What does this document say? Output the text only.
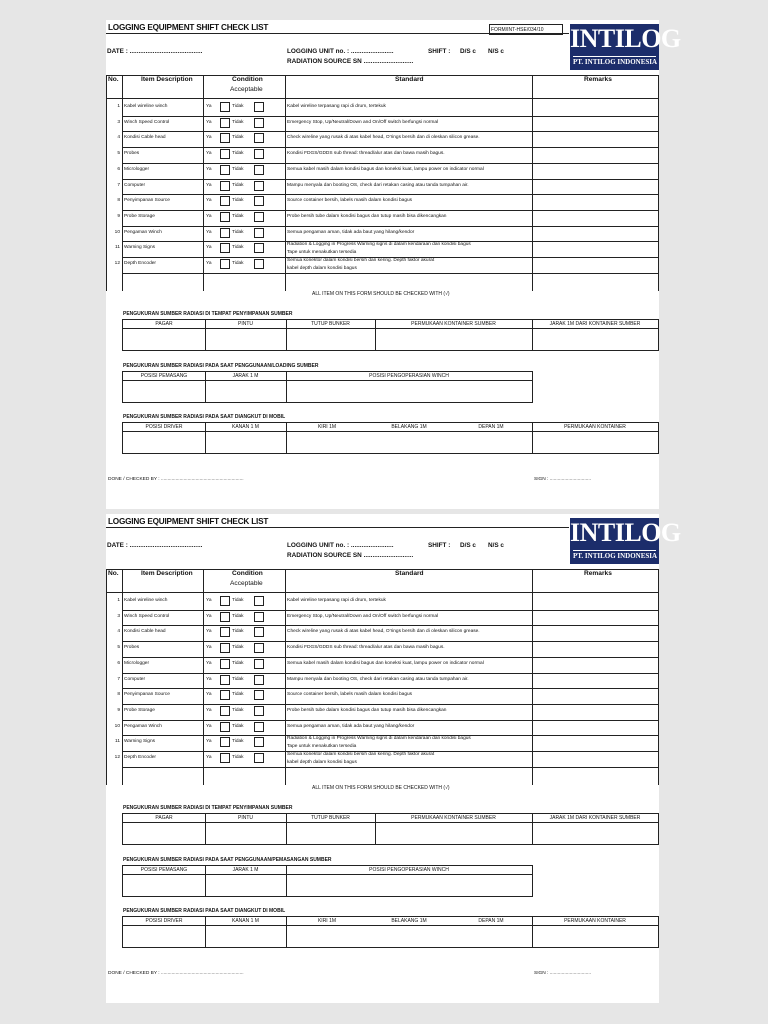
LOGGING EQUIPMENT SHIFT CHECK LIST	FORM/INT-HSE/034/10	INTILOG
PT. INTILOG INDONESIA
DATE : .........................................	LOGGING UNIT no. : ........................
RADIATION SOURCE SN ............................
SHIFT : D/S c N/S c
No.	Item Description	Condition
Acceptable
Standard	Remarks
1 Kabel wireline winch	Ya	Tidak	Kabel wireline terpasang rapi di drum, tertekuk
3 Winch Speed Control	Ya	Tidak	Emergency Stop, Up/Neutral/Down and On/Off switch berfungsi normal
4 Kondisi Cable head	Ya	Tidak	Check wireline yang rusak di atas kabel head, O'rings bersih dan di oleskan silicon grease.
5 Probes	Ya	Tidak	Kondisi FDGS/GDDS sub thread: thread/alur atas dan bawa masih bagus.
6 Micrologger	Ya	Tidak	Semua kabel masih dalam kondisi bagus dan koneksi kuat, lampu power on indicator normal
7 Computer	Ya	Tidak	Mampu menyala dan booting OS, check dari retakan casing atau tanda tumpahan air.
8 Penyimpanan Source	Ya	Tidak	Source container bersih, labels masih dalam kondisi bagus
9 Probe Storage	Ya	Tidak	Probe bersih tube dalam kondisi bagus dan tutup masih bisa dikencangkan
10 Pengaman Winch	Ya	Tidak	Semua pengaman aman, tidak ada baut yang hilang/kendor
11 Warning Signs	Ya	Tidak
Radiation & Logging in Progress Warning signs di dalam kendaraan dan kondisi bagus
Tape untuk menakutkan tersedia
12 Depth Encoder	Ya	Tidak
Semua konektor dalam kondisi bersih dan kering. Depth faktor akurat
kabel depth dalam kondisi bagus
ALL ITEM ON THIS FORM SHOULD BE CHECKED WITH (√)
PENGUKURAN SUMBER RADIASI DI TEMPAT PENYIMPANAN SUMBER
PAGAR	PINTU	TUTUP BUNKER	PERMUKAAN KONTAINER SUMBER	JARAK 1M DARI KONTAINER SUMBER
PENGUKURAN SUMBER RADIASI PADA SAAT PENGGUNAAN/LOADING SUMBER
POSISI PEMASANG	JARAK 1 M	POSISI PENGOPERASIAN WINCH
PENGUKURAN SUMBER RADIASI PADA SAAT DIANGKUT DI MOBIL
POSISI DRIVER	KANAN 1 M	KIRI 1M	BELAKANG 1M	DEPAN 1M	PERMUKAAN KONTAINER
DONE / CHECKED BY : ..............................................................	SIGN : ...............................
LOGGING EQUIPMENT SHIFT CHECK LIST	INTILOG
PT. INTILOG INDONESIA
DATE : .........................................	LOGGING UNIT no. : ........................
RADIATION SOURCE SN ............................
SHIFT : D/S c N/S c
No.	Item Description	Condition
Acceptable
Standard	Remarks
1 Kabel wireline winch	Ya	Tidak	Kabel wireline terpasang rapi di drum, tertekuk
3 Winch Speed Control	Ya	Tidak	Emergency Stop, Up/Neutral/Down and On/Off switch berfungsi normal
4 Kondisi Cable head	Ya	Tidak	Check wireline yang rusak di atas kabel head, O'rings bersih dan di oleskan silicon grease.
5 Probes	Ya	Tidak	Kondisi FDGS/GDDS sub thread: thread/alur atas dan bawa masih bagus.
6 Micrologger	Ya	Tidak	Semua kabel masih dalam kondisi bagus dan koneksi kuat, lampu power on indicator normal
7 Computer	Ya	Tidak	Mampu menyala dan booting OS, check dari retakan casing atau tanda tumpahan air.
8 Penyimpanan Source	Ya	Tidak	Source container bersih, labels masih dalam kondisi bagus
9 Probe Storage	Ya	Tidak	Probe bersih tube dalam kondisi bagus dan tutup masih bisa dikencangkan
10 Pengaman Winch	Ya	Tidak	Semua pengaman aman, tidak ada baut yang hilang/kendor
11 Warning Signs	Ya	Tidak
Radiation & Logging in Progress Warning signs di dalam kendaraan dan kondisi bagus
Tape untuk menakutkan tersedia
12 Depth Encoder	Ya	Tidak
Semua konektor dalam kondisi bersih dan kering. Depth faktor akurat
kabel depth dalam kondisi bagus
ALL ITEM ON THIS FORM SHOULD BE CHECKED WITH (√)
PENGUKURAN SUMBER RADIASI DI TEMPAT PENYIMPANAN SUMBER
PAGAR	PINTU	TUTUP BUNKER	PERMUKAAN KONTAINER SUMBER	JARAK 1M DARI KONTAINER SUMBER
PENGUKURAN SUMBER RADIASI PADA SAAT PENGGUNAAN/PEMASANGAN SUMBER
POSISI PEMASANG	JARAK 1 M	POSISI PENGOPERASIAN WINCH
PENGUKURAN SUMBER RADIASI PADA SAAT DIANGKUT DI MOBIL
POSISI DRIVER	KANAN 1 M	KIRI 1M	BELAKANG 1M	DEPAN 1M	PERMUKAAN KONTAINER
DONE / CHECKED BY : ..............................................................	SIGN : ...............................
